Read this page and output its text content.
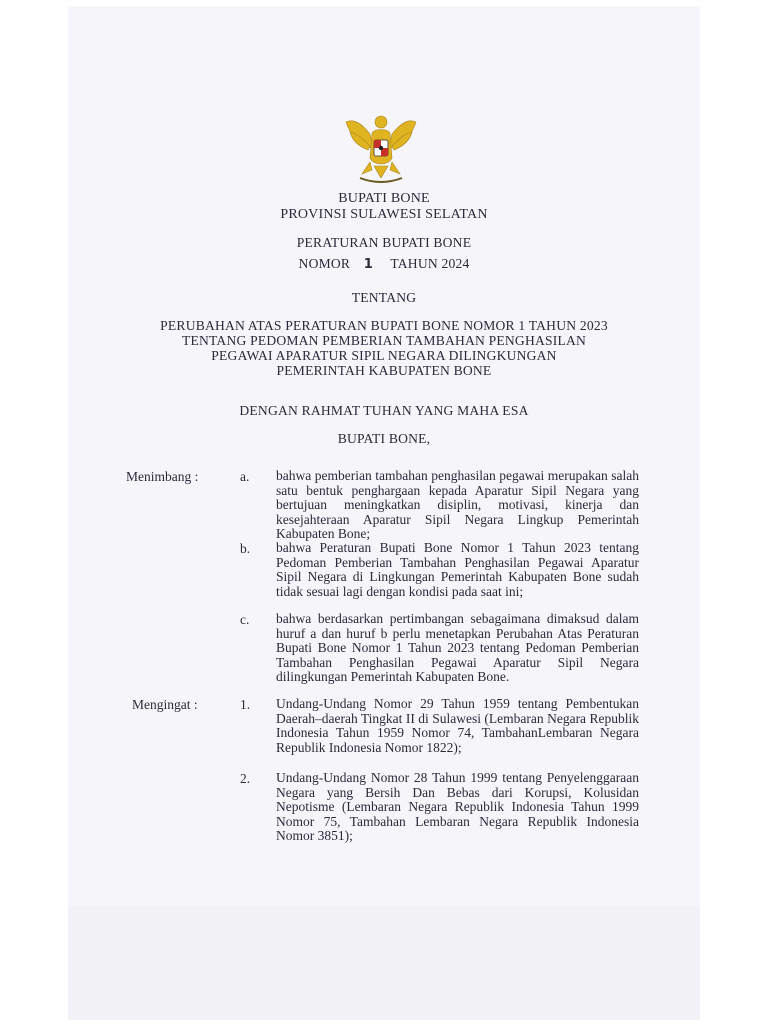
BUPATI BONE
PROVINSI SULAWESI SELATAN
PERATURAN BUPATI BONE
NOMOR 1 TAHUN 2024
TENTANG
PERUBAHAN ATAS PERATURAN BUPATI BONE NOMOR 1 TAHUN 2023
TENTANG PEDOMAN PEMBERIAN TAMBAHAN PENGHASILAN
PEGAWAI APARATUR SIPIL NEGARA DILINGKUNGAN
PEMERINTAH KABUPATEN BONE
DENGAN RAHMAT TUHAN YANG MAHA ESA
BUPATI BONE,
Menimbang :	a. bahwa pemberian tambahan penghasilan pegawai merupakan salah satu bentuk penghargaan kepada Aparatur Sipil Negara yang bertujuan meningkatkan disiplin, motivasi, kinerja dan kesejahteraan Aparatur Sipil Negara Lingkup Pemerintah Kabupaten Bone;
b. bahwa Peraturan Bupati Bone Nomor 1 Tahun 2023 tentang Pedoman Pemberian Tambahan Penghasilan Pegawai Aparatur Sipil Negara di Lingkungan Pemerintah Kabupaten Bone sudah tidak sesuai lagi dengan kondisi pada saat ini;
c. bahwa berdasarkan pertimbangan sebagaimana dimaksud dalam huruf a dan huruf b perlu menetapkan Perubahan Atas Peraturan Bupati Bone Nomor 1 Tahun 2023 tentang Pedoman Pemberian Tambahan Penghasilan Pegawai Aparatur Sipil Negara dilingkungan Pemerintah Kabupaten Bone.
Mengingat :	1. Undang-Undang Nomor 29 Tahun 1959 tentang Pembentukan Daerah–daerah Tingkat II di Sulawesi (Lembaran Negara Republik Indonesia Tahun 1959 Nomor 74, TambahanLembaran Negara Republik Indonesia Nomor 1822);
2. Undang-Undang Nomor 28 Tahun 1999 tentang Penyelenggaraan Negara yang Bersih Dan Bebas dari Korupsi, Kolusidan Nepotisme (Lembaran Negara Republik Indonesia Tahun 1999 Nomor 75, Tambahan Lembaran Negara Republik Indonesia Nomor 3851);
